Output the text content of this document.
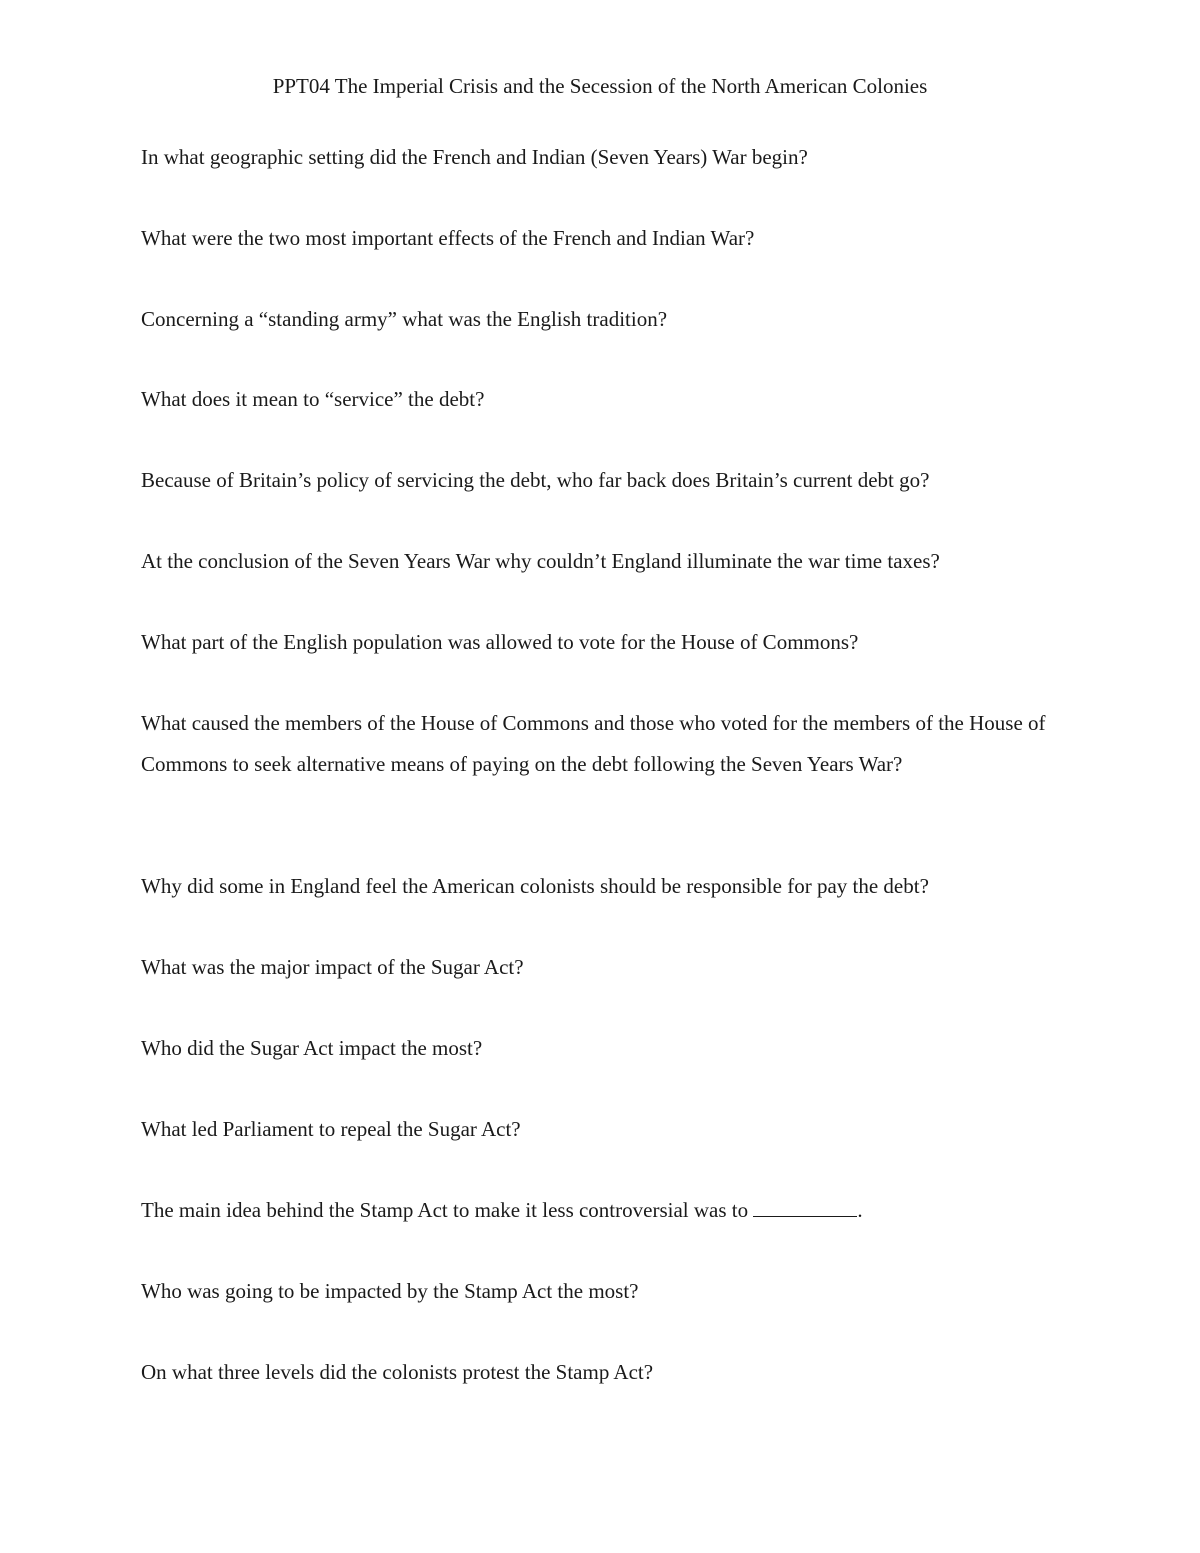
PPT04 The Imperial Crisis and the Secession of the North American Colonies

In what geographic setting did the French and Indian (Seven Years) War begin?

What were the two most important effects of the French and Indian War?

Concerning a “standing army” what was the English tradition?

What does it mean to “service” the debt?

Because of Britain’s policy of servicing the debt, who far back does Britain’s current debt go?

At the conclusion of the Seven Years War why couldn’t England illuminate the war time taxes?

What part of the English population was allowed to vote for the House of Commons?

What caused the members of the House of Commons and those who voted for the members of the House of Commons to seek alternative means of paying on the debt following the Seven Years War?

Why did some in England feel the American colonists should be responsible for pay the debt?

What was the major impact of the Sugar Act?

Who did the Sugar Act impact the most?

What led Parliament to repeal the Sugar Act?

The main idea behind the Stamp Act to make it less controversial was to	.

Who was going to be impacted by the Stamp Act the most?

On what three levels did the colonists protest the Stamp Act?
